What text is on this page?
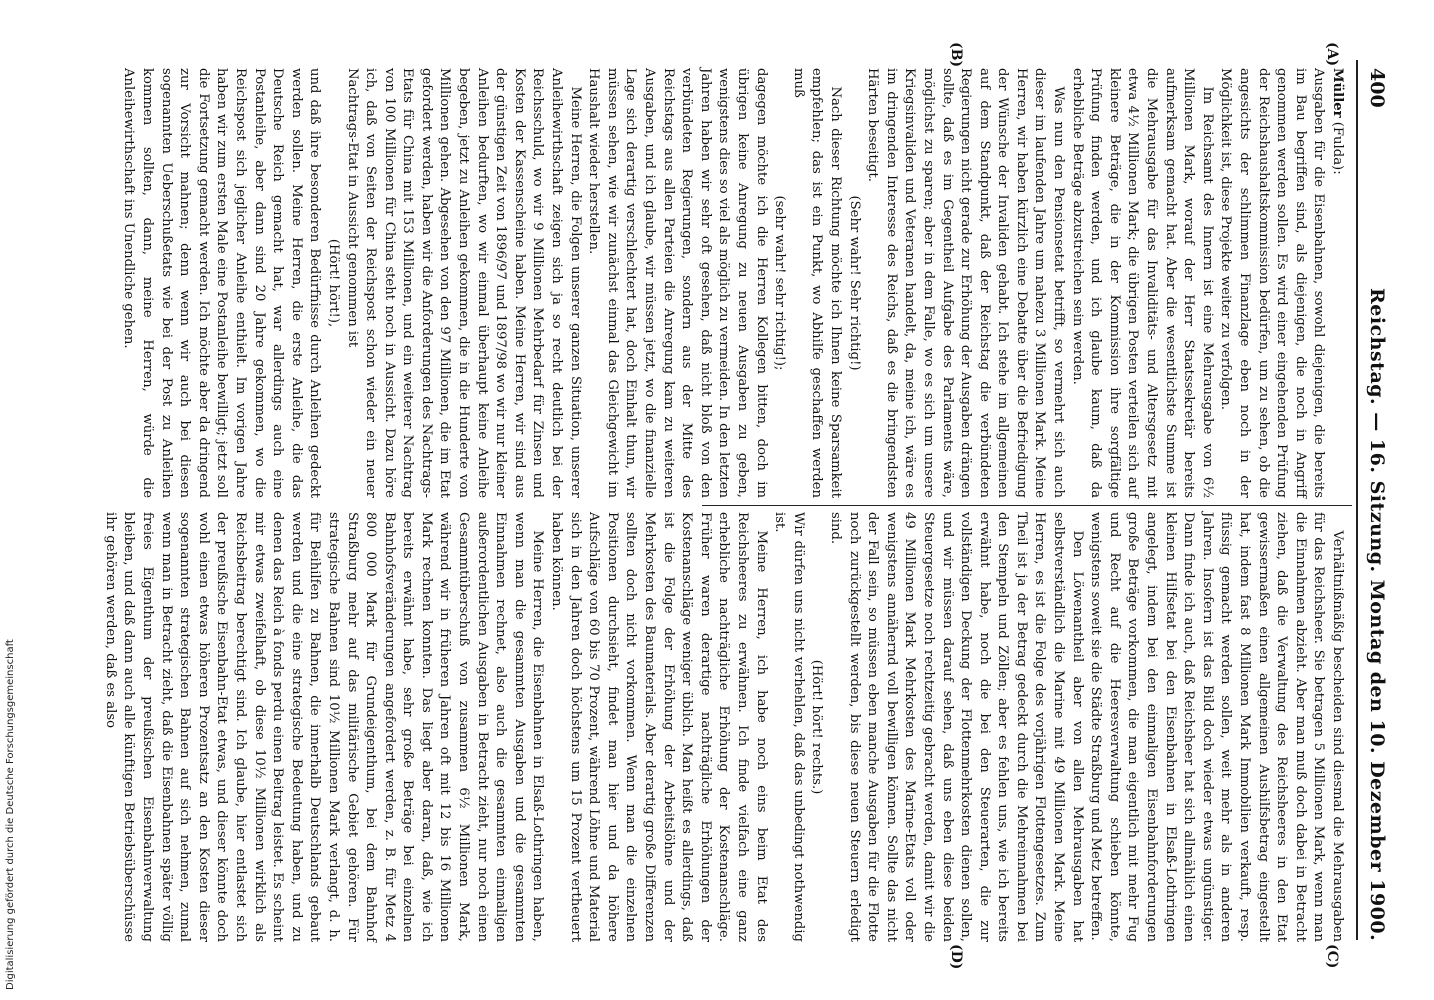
400
Reichstag. — 16. Sitzung. Montag den 10. Dezember 1900.
(A)
(B)
(C)
(D)

Müller (Fulda):

Ausgaben für die Eisenbahnen, sowohl diejenigen, die bereits im Bau begriffen sind, als diejenigen, die noch in Angriff genommen werden sollen. Es wird einer eingehenden Prüfung der Reichshaushaltskommission bedürfen, um zu sehen, ob die angesichts der schlimmen Finanzlage eben noch in der Möglichkeit ist, diese Projekte weiter zu verfolgen.

Im Reichsamt des Innern ist eine Mehrausgabe von 6½ Millionen Mark, worauf der Herr Staatssekretär bereits aufmerksam gemacht hat. Aber die wesentlichste Summe ist die Mehrausgabe für das Invaliditäts- und Altersgesetz mit etwa 4½ Millionen Mark; die übrigen Posten verteilen sich auf kleinere Beträge, die in der Kommission ihre sorgfältige Prüfung finden werden, und ich glaube kaum, daß da erhebliche Beträge abzustreichen sein werden.

Was nun den Pensionsetat betrifft, so vermehrt sich auch dieser im laufenden Jahre um nahezu 3 Millionen Mark. Meine Herren, wir haben kürzlich eine Debatte über die Befriedigung der Wünsche der Invaliden gehabt. Ich stehe im allgemeinen auf dem Standpunkt, daß der Reichstag die verbündeten Regierungen nicht gerade zur Erhöhung der Ausgaben drängen sollte, daß es im Gegentheil Aufgabe des Parlaments wäre, möglichst zu sparen; aber in dem Falle, wo es sich um unsere Kriegsinvaliden und Veteranen handelt, da, meine ich, wäre es im dringenden Interesse des Reichs, daß es die bringendsten Härten beseitigt.

(Sehr wahr! Sehr richtig!)

Nach dieser Richtung möchte ich Ihnen keine Sparsamkeit empfehlen; das ist ein Punkt, wo Abhilfe geschaffen werden muß

(sehr wahr! sehr richtig!);

dagegen möchte ich die Herren Kollegen bitten, doch im übrigen keine Anregung zu neuen Ausgaben zu geben, wenigstens dies so viel als möglich zu vermeiden. In den letzten Jahren haben wir sehr oft gesehen, daß nicht bloß von den verbündeten Regierungen, sondern aus der Mitte des Reichstags aus allen Parteien die Anregung kam zu weiteren Ausgaben, und ich glaube, wir müssen jetzt, wo die finanzielle Lage sich derartig verschlechtert hat, doch Einhalt thun, wir müssen sehen, wie wir zunächst einmal das Gleichgewicht im Haushalt wieder herstellen.

Meine Herren, die Folgen unserer ganzen Situation, unserer Anleihewirthschaft zeigen sich ja so recht deutlich bei der Reichsschuld, wo wir 9 Millionen Mehrbedarf für Zinsen und Kosten der Kassenscheine haben. Meine Herren, wir sind aus der günstigen Zeit von 1896/97 und 1897/98 wo wir nur kleiner Anleihen bedurften, wo wir einmal überhaupt keine Anleihe begeben, jetzt zu Anleihen gekommen, die in die Hunderte von Millionen gehen. Abgesehen von den 97 Millionen, die im Etat gefordert werden, haben wir die Anforderungen des Nachtrags-Etats für China mit 153 Millionen, und ein weiterer Nachtrag von 100 Millionen für China steht noch in Aussicht. Dazu höre ich, daß von Seiten der Reichspost schon wieder ein neuer Nachtrags-Etat in Aussicht genommen ist

(Hört! hört!),

und daß ihre besonderen Bedürfnisse durch Anleihen gedeckt werden sollen. Meine Herren, die erste Anleihe, die das Deutsche Reich gemacht hat, war allerdings auch eine Postanleihe, aber dann sind 20 Jahre gekommen, wo die Reichspost sich jeglicher Anleihe enthielt. Im vorigen Jahre haben wir zum ersten Male eine Postanleihe bewilligt; jetzt soll die Fortsetzung gemacht werden. Ich möchte aber da dringend zur Vorsicht mahnen; denn wenn wir auch bei diesen sogenannten Ueberschußetats wie bei der Post zu Anleihen kommen sollten, dann, meine Herren, würde die Anleihewirthschaft ins Unendliche gehen.

Verhältnißmäßig bescheiden sind diesmal die Mehrausgaben für das Reichsheer. Sie betragen 5 Millionen Mark, wenn man die Einnahmen abzieht. Aber man muß doch dabei in Betracht ziehen, daß die Verwaltung des Reichsheeres in den Etat gewissermaßen einen allgemeinen Aushilfsbetrag eingestellt hat, indem fast 8 Millionen Mark Immobilien verkauft, resp. flüssig gemacht werden sollen, weit mehr als in anderen Jahren. Insofern ist das Bild doch wieder etwas ungünstiger. Dann finde ich auch, daß Reichsheer hat sich allmählich einen kleinen Hilfsetat bei den Eisenbahnen in Elsaß-Lothringen angelegt, indem bei den einmaligen Eisenbahnforderungen große Beträge vorkommen, die man eigentlich mit mehr Fug und Recht auf die Heeresverwaltung schieben könnte, wenigstens soweit sie die Städte Straßburg und Metz betreffen.

Den Löwenantheil aber von allen Mehrausgaben hat selbstverständlich die Marine mit 49 Millionen Mark. Meine Herren, es ist die Folge des vorjährigen Flottengesetzes. Zum Theil ist ja der Betrag gedeckt durch die Mehreinnahmen bei den Stempeln und Zöllen; aber es fehlen uns, wie ich bereits erwähnt habe, noch die bei den Steuerarten, die zur vollständigen Deckung der Flottenmehrkosten dienen sollen, und wir müssen darauf sehen, daß uns eben diese beiden Steuergesetze noch rechtzeitig gebracht werden, damit wir die 49 Millionen Mark Mehrkosten des Marine-Etats voll oder wenigstens annähernd voll bewilligen können. Sollte das nicht der Fall sein, so müssen eben manche Ausgaben für die Flotte noch zurückgestellt werden, bis diese neuen Steuern erledigt sind.

(Hört! hört! rechts.)

Wir dürfen uns nicht verhehlen, daß das unbedingt nothwendig ist.

Meine Herren, ich habe noch eins beim Etat des Reichsheeres zu erwähnen. Ich finde vielfach eine ganz erhebliche nachträgliche Erhöhung der Kostenanschläge. Früher waren derartige nachträgliche Erhöhungen der Kostenanschläge weniger üblich. Man heißt es allerdings, daß ist die Folge der Erhöhung der Arbeitslöhne und der Mehrkosten des Baumaterials. Aber derartig große Differenzen sollten doch nicht vorkommen. Wenn man die einzelnen Positionen durchsieht, findet man hier und da höhere Aufschläge von 60 bis 70 Prozent, während Löhne und Material sich in den Jahren doch höchstens um 15 Prozent vertheuert haben können.

Meine Herren, die Eisenbahnen in Elsaß-Lothringen haben, wenn man die gesammten Ausgaben und die gesammten Einnahmen rechnet, also auch die gesammten einmaligen außerordentlichen Ausgaben in Betracht zieht, nur noch einen Gesammtüberschuß von zusammen 6½ Millionen Mark, während wir in früheren Jahren oft mit 12 bis 16 Millionen Mark rechnen konnten. Das liegt aber daran, daß, wie ich bereits erwähnt habe, sehr große Beträge bei einzelnen Bahnhofsveränderungen angefordert werden, z. B. für Metz 4 800 000 Mark für Grundeigenthum, bei dem Bahnhof Straßburg mehr auf das militärische Gebiet gehören. Für strategische Bahnen sind 10½ Millionen Mark verlangt, d. h. für Beihilfen zu Bahnen, die innerhalb Deutschlands gebaut werden und die eine strategische Bedeutung haben, und zu denen das Reich à fonds perdu einen Beitrag leistet. Es scheint mir etwas zweifelhaft, ob diese 10½ Millionen wirklich als Reichsbeitrag berechtigt sind. Ich glaube, hier entlastet sich der preußische Eisenbahn-Etat etwas, und dieser könnte doch wohl einen etwas höheren Prozentsatz an den Kosten dieser sogenannten strategischen Bahnen auf sich nehmen, zumal wenn man in Betracht zieht, daß die Eisenbahnen später völlig freies Eigenthum der preußischen Eisenbahnverwaltung bleiben, und daß dann auch alle künftigen Betriebsüberschüsse ihr gehören werden, daß es also

Digitalisierung gefördert durch die Deutsche Forschungsgemeinschaft
